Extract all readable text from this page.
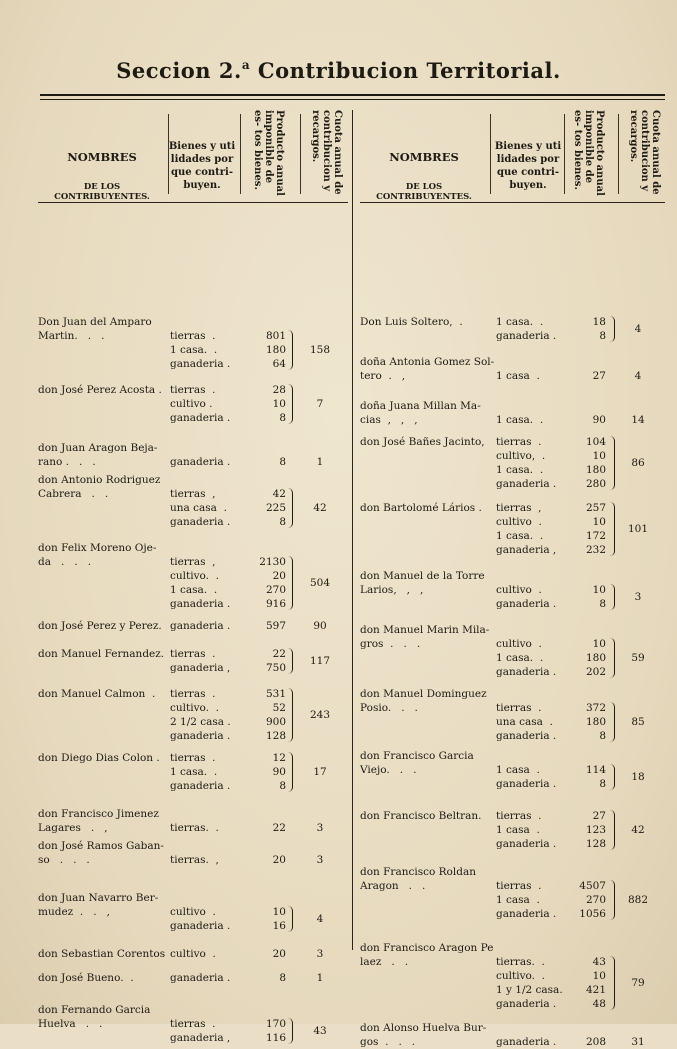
Seccion 2.$^a$ Contribucion Territorial.
NOMBRES
DE LOS CONTRIBUYENTES.
Bienes y uti lidades por que contri- buyen.	Producto anual imponible de es- tos bienes.	Cuota anual de contribucion y recargos.
Don Juan del Amparo
Martin.   .   .	tierras  .	801
1 casa.  .	180
ganaderia .	64
158
don José Perez Acosta . tierras  .	28
cultivo .	10
ganaderia .	8
7
don Juan Aragon Beja-
rano .   .   .	ganaderia .	8	1
don Antonio Rodriguez
Cabrera   .   .	tierras  ,	42
una casa  .	225
ganaderia .	8
42
don Felix Moreno Oje-
da   .   .   .	tierras  ,	2130
cultivo.  .	20
1 casa.  .	270
ganaderia .	916
504
don José Perez y Perez. ganaderia .	597	90
don Manuel Fernandez. tierras  .	22
ganaderia ,	750
117
don Manuel Calmon  . tierras  .	531
cultivo.  .	52
2 1/2 casa .	900
ganaderia .	128
243
don Diego Dias Colon . tierras  .	12
1 casa.  .	90
ganaderia .	8
17
don Francisco Jimenez
Lagares   .   ,	tierras.  .	22	3
don José Ramos Gaban-
so   .   .   .	tierras.  ,	20	3
don Juan Navarro Ber-
mudez  .   .   ,	cultivo  .	10
ganaderia .	16
4
don Sebastian Corentos cultivo  .	20	3
don José Bueno.  .	ganaderia .	8	1
don Fernando Garcia
Huelva   .   .	tierras  .	170
ganaderia ,	116
43
NOMBRES
DE LOS CONTRIBUYENTES.
Bienes y uti lidades por que contri- buyen.	Producto anual imponible de es- tos bienes.	Cuota anual de contribucion y recargos.
Don Luis Soltero,  .	1 casa.  .	18
ganaderia .	8
4
doña Antonia Gomez Sol-
tero  .   ,	1 casa  .	27	4
doña Juana Millan Ma-
cias  ,   ,   ,	1 casa.  .	90	14
don José Bañes Jacinto, tierras  .	104
cultivo,  .	10
1 casa.  .	180
ganaderia .	280
86
don Bartolomé Lários . tierras  ,	257
cultivo  .	10
1 casa.  .	172
ganaderia ,	232
101
don Manuel de la Torre
Larios,   ,   ,	cultivo  .	10
ganaderia .	8
3
don Manuel Marin Mila-
gros  .   .   .	cultivo  .	10
1 casa.  .	180
ganaderia .	202
59
don Manuel Dominguez
Posio.   .   .	tierras  .	372
una casa  .	180
ganaderia .	8
85
don Francisco Garcia
Viejo.   .   .	1 casa  .	114
ganaderia .	8
18
don Francisco Beltran. tierras  .	27
1 casa  .	123
ganaderia .	128
42
don Francisco Roldan
Aragon   .   .	tierras  .	4507
1 casa  .	270
ganaderia .	1056
882
don Francisco Aragon Pe
laez   .   .	tierras.  .	43
cultivo.  .	10
1 y 1/2 casa.	421
ganaderia .	48
79
don Alonso Huelva Bur-
gos  .   .   .	ganaderia .	208	31
